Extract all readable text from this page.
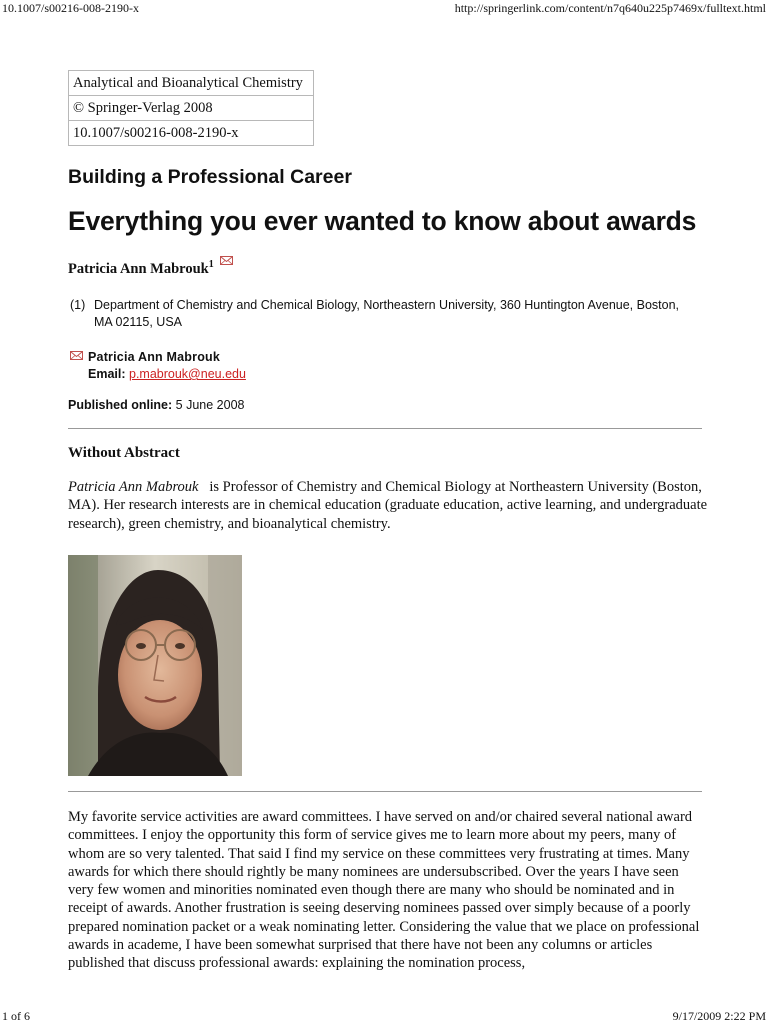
10.1007/s00216-008-2190-x	http://springerlink.com/content/n7q640u225p7469x/fulltext.html
Analytical and Bioanalytical Chemistry
© Springer-Verlag 2008
10.1007/s00216-008-2190-x
Building a Professional Career
Everything you ever wanted to know about awards
Patricia Ann Mabrouk$^1$
(1) Department of Chemistry and Chemical Biology, Northeastern University, 360 Huntington Avenue, Boston, MA 02115, USA
Patricia Ann Mabrouk
Email: p.mabrouk@neu.edu
Published online: 5 June 2008
Without Abstract
Patricia Ann Mabrouk is Professor of Chemistry and Chemical Biology at Northeastern University (Boston, MA). Her research interests are in chemical education (graduate education, active learning, and undergraduate research), green chemistry, and bioanalytical chemistry.
My favorite service activities are award committees. I have served on and/or chaired several national award committees. I enjoy the opportunity this form of service gives me to learn more about my peers, many of whom are so very talented. That said I find my service on these committees very frustrating at times. Many awards for which there should rightly be many nominees are undersubscribed. Over the years I have seen very few women and minorities nominated even though there are many who should be nominated and in receipt of awards. Another frustration is seeing deserving nominees passed over simply because of a poorly prepared nomination packet or a weak nominating letter. Considering the value that we place on professional awards in academe, I have been somewhat surprised that there have not been any columns or articles published that discuss professional awards: explaining the nomination process,
1 of 6	9/17/2009 2:22 PM
